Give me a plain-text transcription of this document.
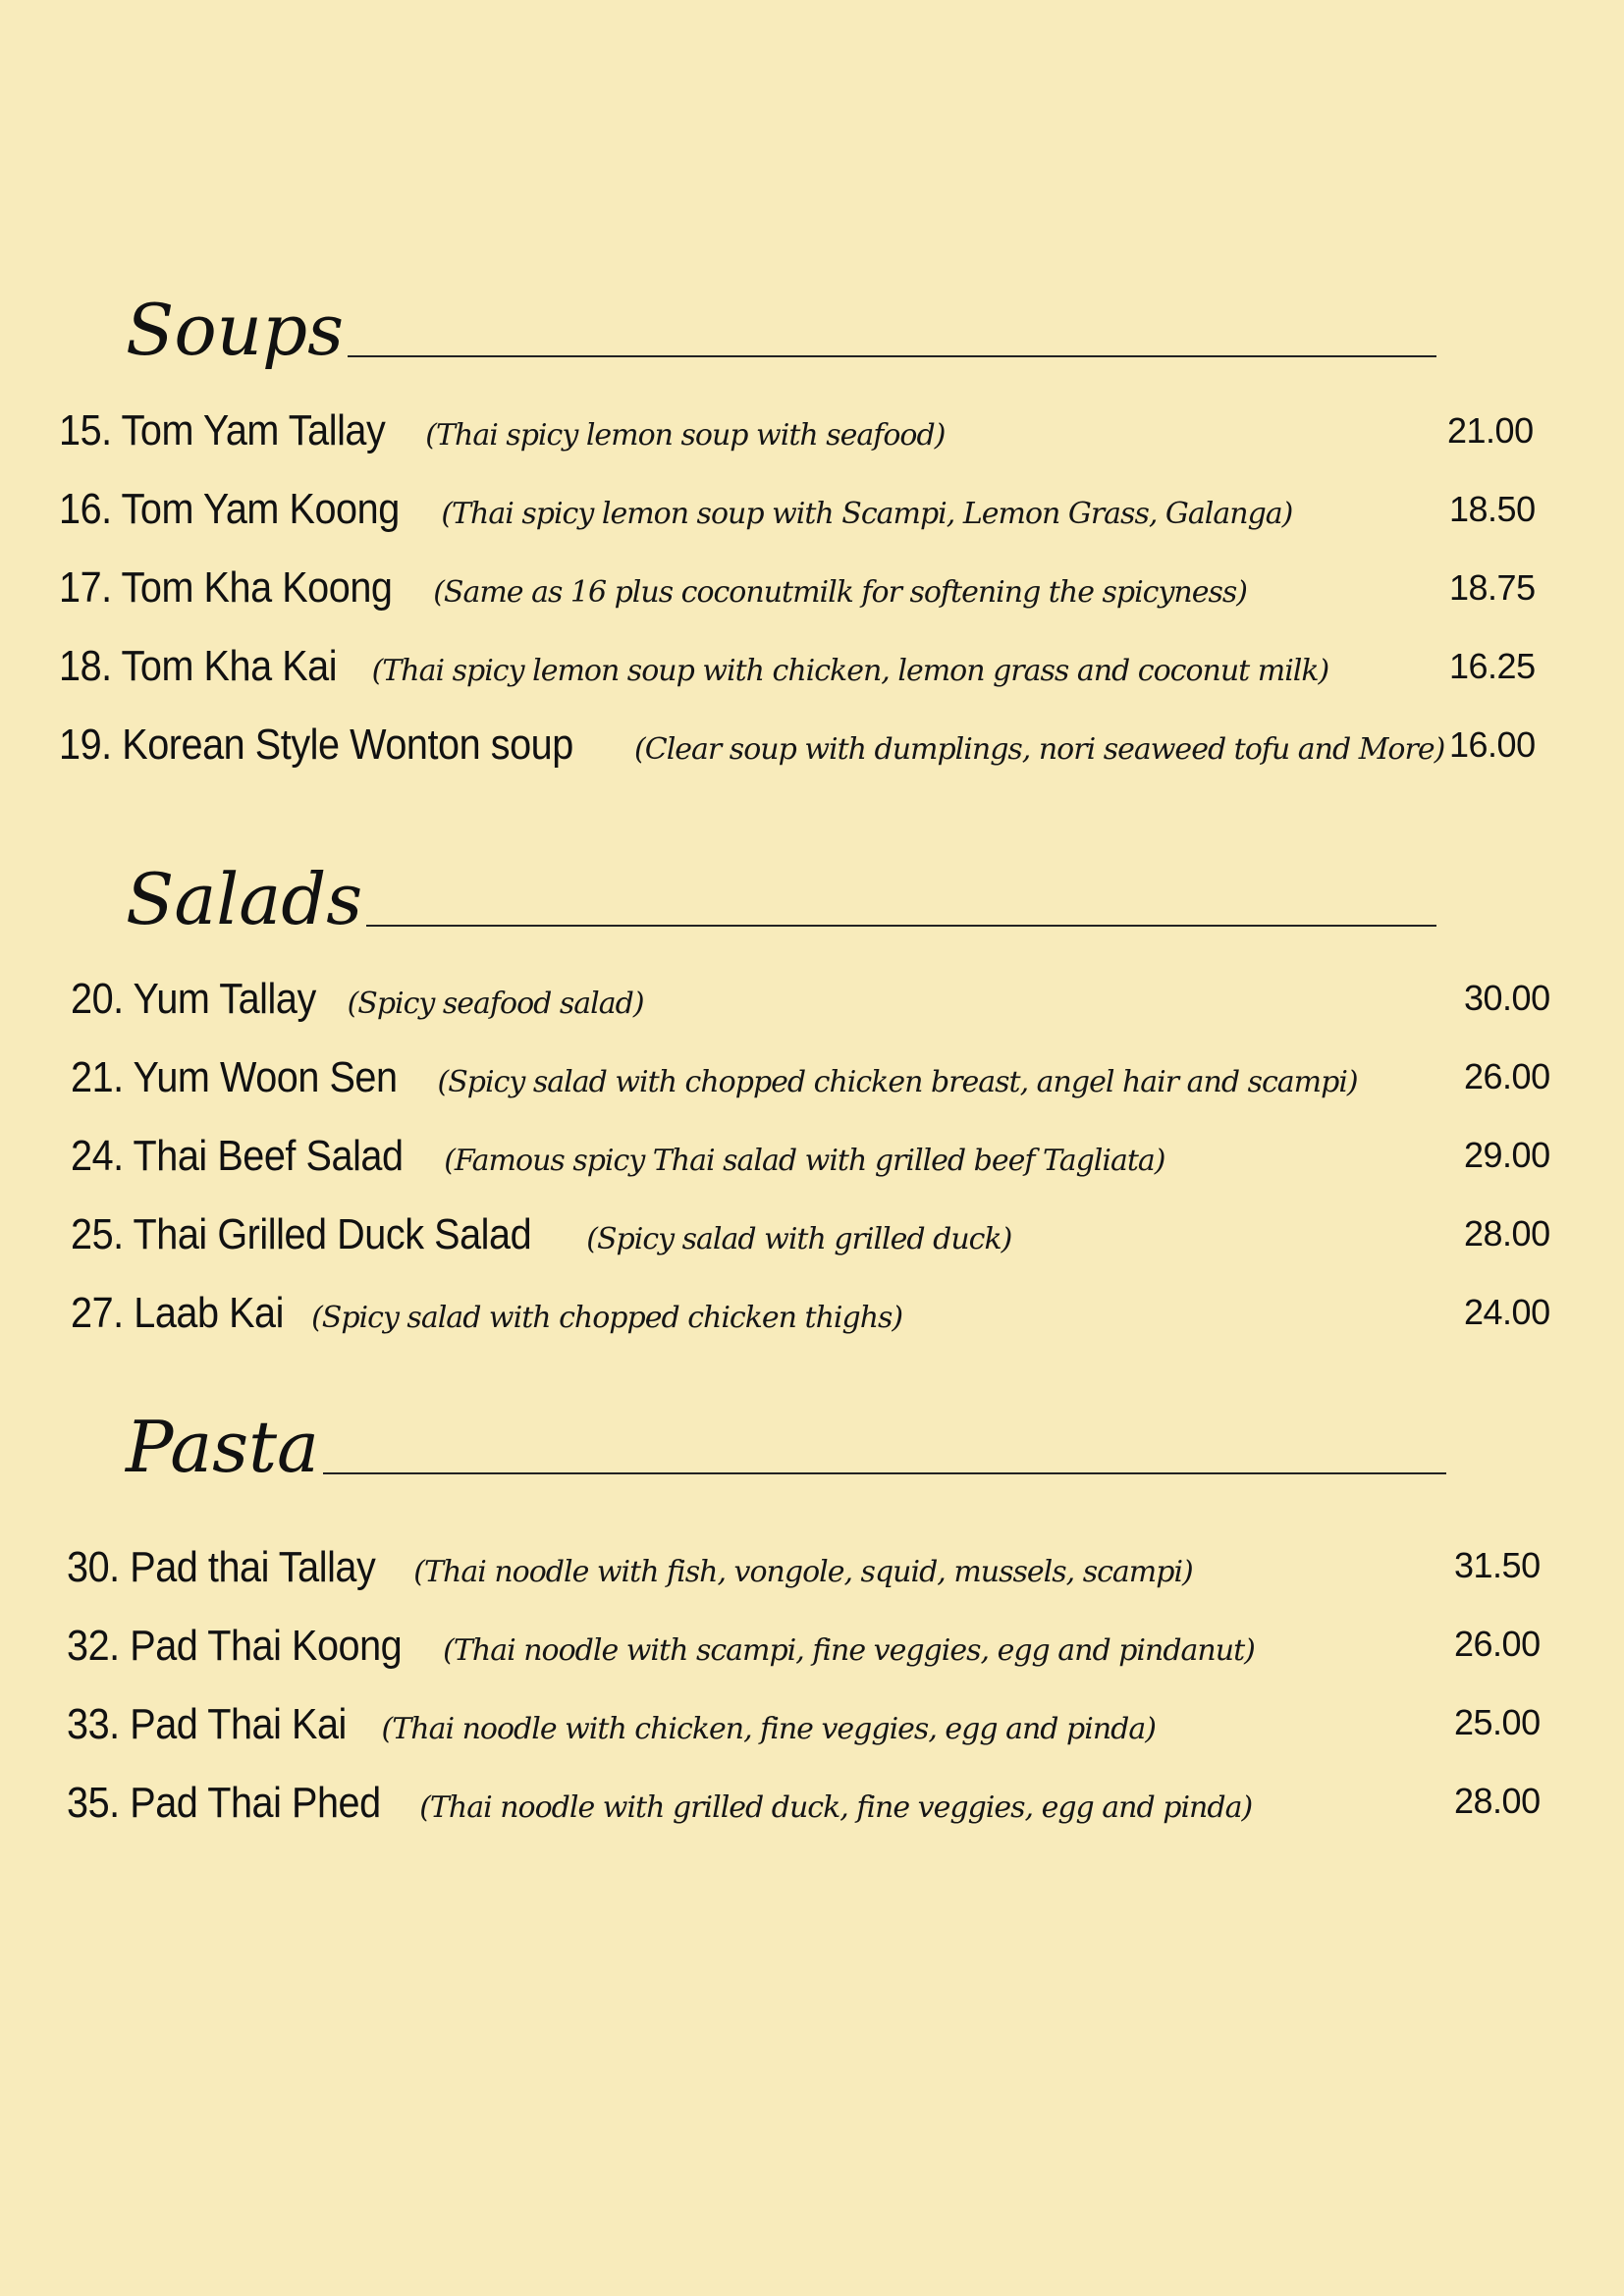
Soups
15. Tom Yam Tallay (Thai spicy lemon soup with seafood)	21.00
16. Tom Yam Koong (Thai spicy lemon soup with Scampi, Lemon Grass, Galanga)	18.50
17. Tom Kha Koong (Same as 16 plus coconutmilk for softening the spicyness)	18.75
18. Tom Kha Kai (Thai spicy lemon soup with chicken, lemon grass and coconut milk)	16.25
19. Korean Style Wonton soup (Clear soup with dumplings, nori seaweed tofu and More) 16.00
Salads
20. Yum Tallay (Spicy seafood salad)	30.00
21. Yum Woon Sen (Spicy salad with chopped chicken breast, angel hair and scampi)	26.00
24. Thai Beef Salad (Famous spicy Thai salad with grilled beef Tagliata)	29.00
25. Thai Grilled Duck Salad (Spicy salad with grilled duck)	28.00
27. Laab Kai (Spicy salad with chopped chicken thighs)	24.00
Pasta
30. Pad thai Tallay (Thai noodle with fish, vongole, squid, mussels, scampi)	31.50
32. Pad Thai Koong (Thai noodle with scampi, fine veggies, egg and pindanut)	26.00
33. Pad Thai Kai (Thai noodle with chicken, fine veggies, egg and pinda)	25.00
35. Pad Thai Phed (Thai noodle with grilled duck, fine veggies, egg and pinda)	28.00
